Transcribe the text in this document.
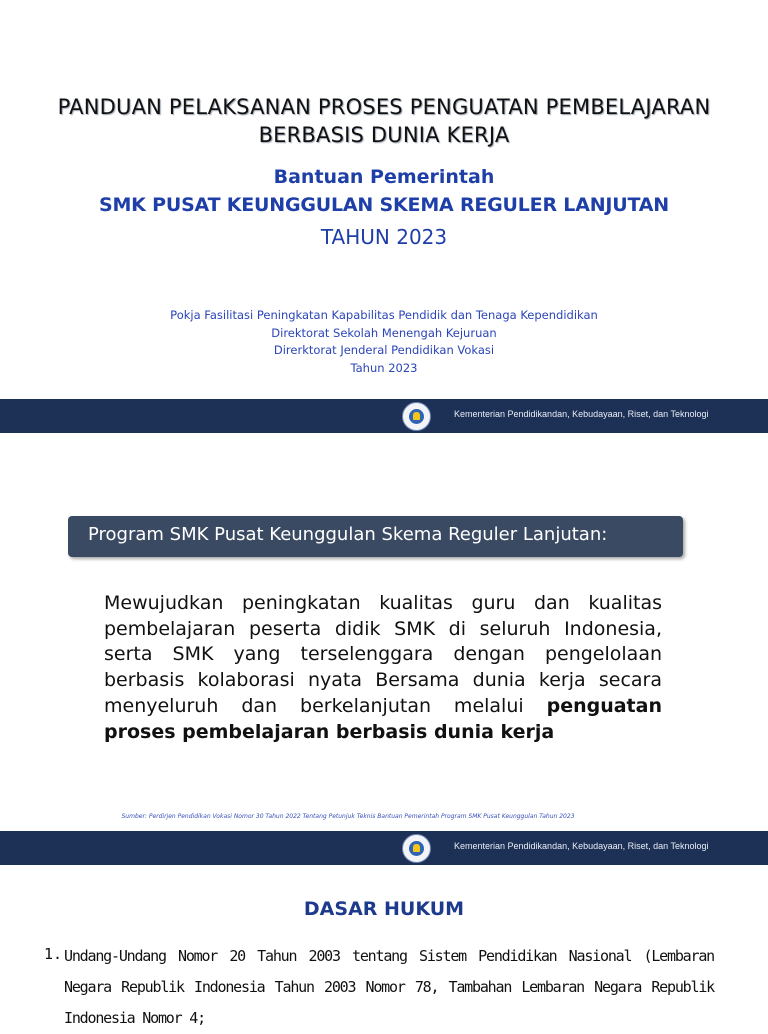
PANDUAN PELAKSANAN PROSES PENGUATAN PEMBELAJARAN
BERBASIS DUNIA KERJA
Bantuan Pemerintah
SMK PUSAT KEUNGGULAN SKEMA REGULER LANJUTAN
TAHUN 2023
Pokja Fasilitasi Peningkatan Kapabilitas Pendidik dan Tenaga Kependidikan
Direktorat Sekolah Menengah Kejuruan
Direrktorat Jenderal Pendidikan Vokasi
Tahun 2023
Kementerian Pendidikandan, Kebudayaan, Riset, dan Teknologi
Program SMK Pusat Keunggulan Skema Reguler Lanjutan:
Mewujudkan peningkatan kualitas guru dan kualitas pembelajaran peserta didik SMK di seluruh Indonesia, serta SMK yang terselenggara dengan pengelolaan berbasis kolaborasi nyata Bersama dunia kerja secara menyeluruh dan berkelanjutan melalui penguatan proses pembelajaran berbasis dunia kerja
Sumber: Perdirjen Pendidikan Vokasi Nomor 30 Tahun 2022 Tentang Petunjuk Teknis Bantuan Pemerintah Program SMK Pusat Keunggulan Tahun 2023
Kementerian Pendidikandan, Kebudayaan, Riset, dan Teknologi
DASAR HUKUM
1. Undang-Undang Nomor 20 Tahun 2003 tentang Sistem Pendidikan Nasional (Lembaran Negara Republik Indonesia Tahun 2003 Nomor 78, Tambahan Lembaran Negara Republik Indonesia Nomor 4;
